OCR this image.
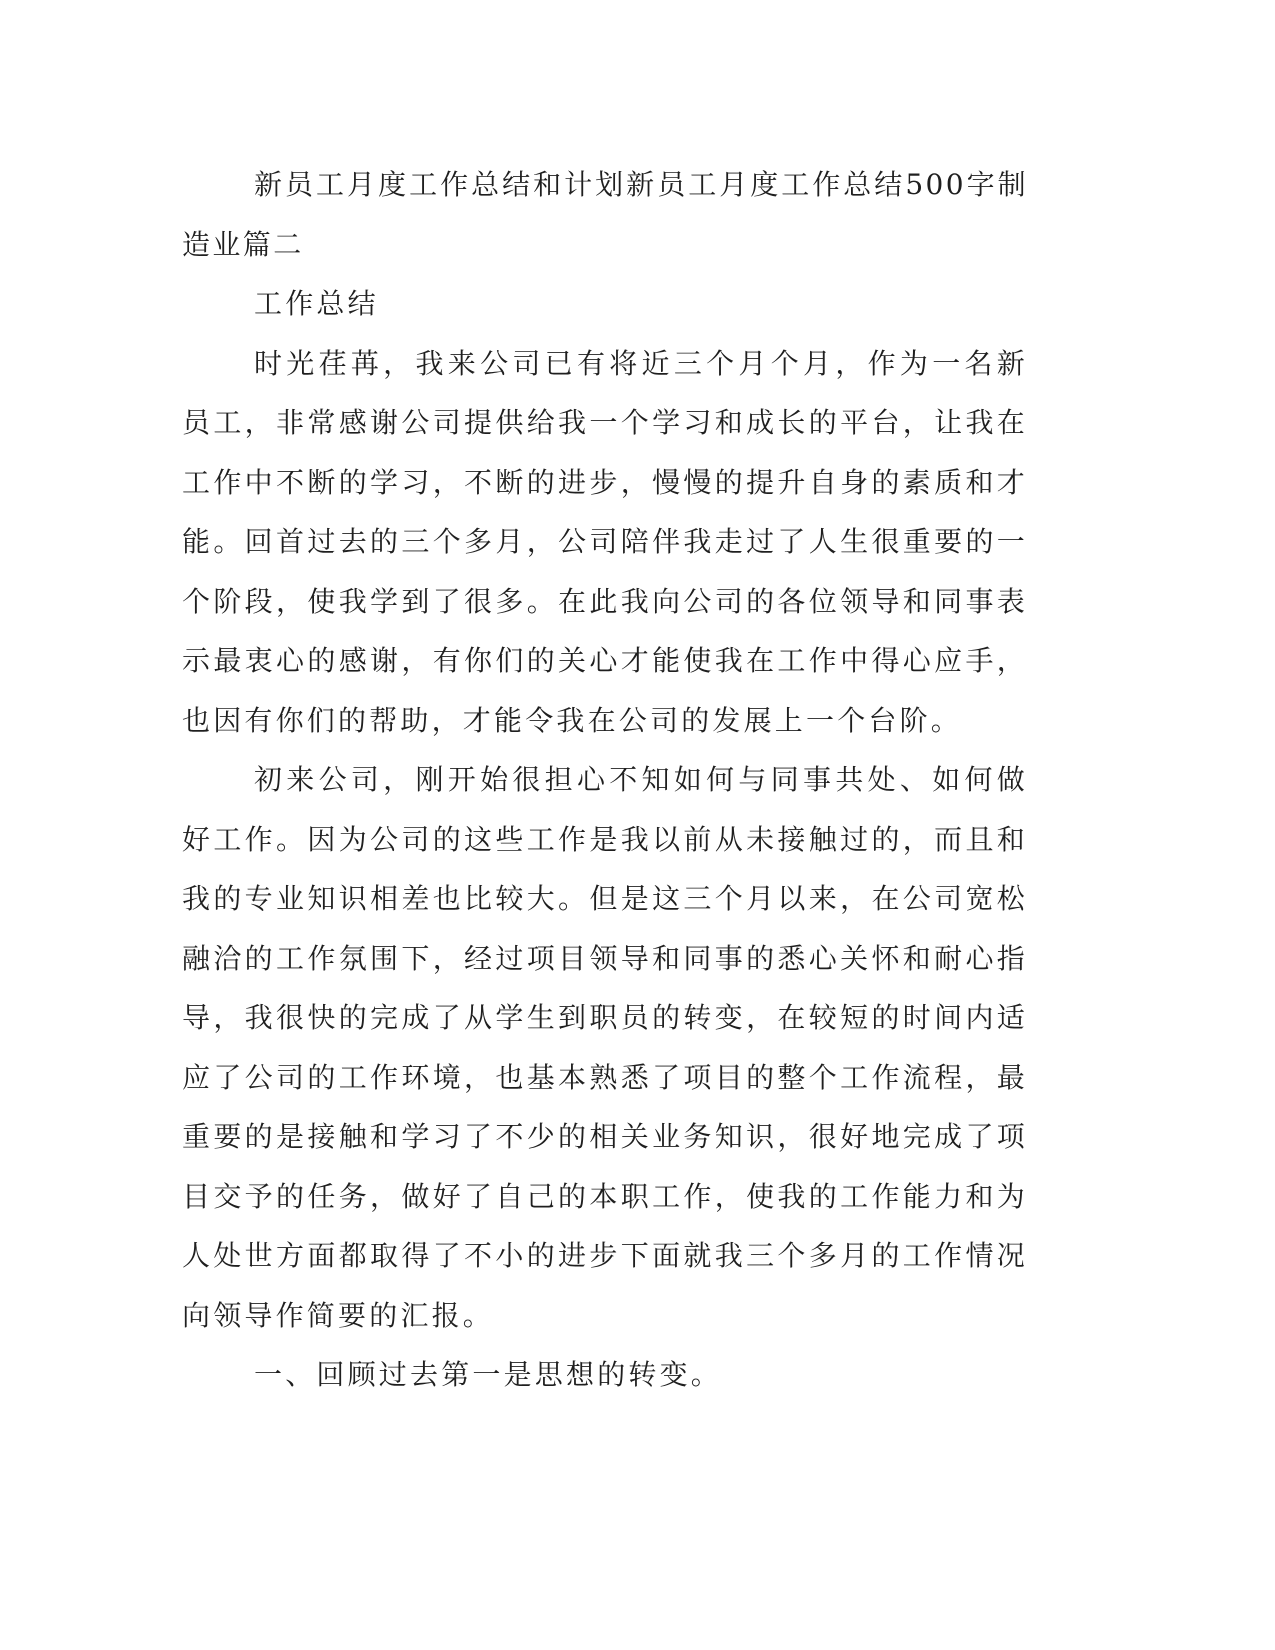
新员工月度工作总结和计划新员工月度工作总结500字制造业篇二

工作总结

时光荏苒，我来公司已有将近三个月个月，作为一名新员工，非常感谢公司提供给我一个学习和成长的平台，让我在工作中不断的学习，不断的进步，慢慢的提升自身的素质和才能。回首过去的三个多月，公司陪伴我走过了人生很重要的一个阶段，使我学到了很多。在此我向公司的各位领导和同事表示最衷心的感谢，有你们的关心才能使我在工作中得心应手，也因有你们的帮助，才能令我在公司的发展上一个台阶。

初来公司，刚开始很担心不知如何与同事共处、如何做好工作。因为公司的这些工作是我以前从未接触过的，而且和我的专业知识相差也比较大。但是这三个月以来，在公司宽松融洽的工作氛围下，经过项目领导和同事的悉心关怀和耐心指导，我很快的完成了从学生到职员的转变，在较短的时间内适应了公司的工作环境，也基本熟悉了项目的整个工作流程，最重要的是接触和学习了不少的相关业务知识，很好地完成了项目交予的任务，做好了自己的本职工作，使我的工作能力和为人处世方面都取得了不小的进步下面就我三个多月的工作情况向领导作简要的汇报。

一、回顾过去第一是思想的转变。
